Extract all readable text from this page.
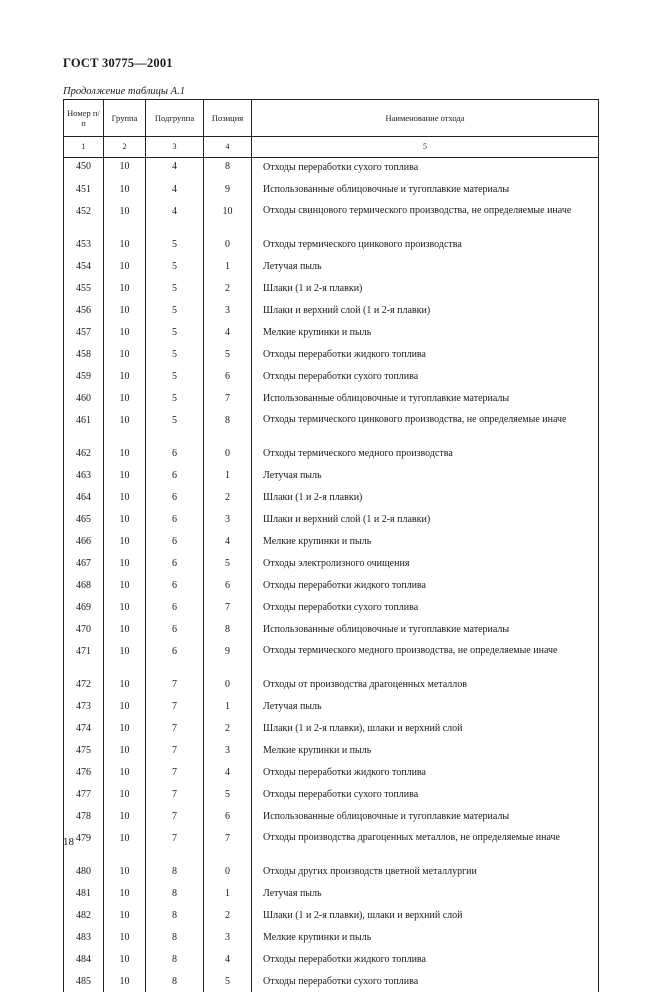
ГОСТ 30775—2001
Продолжение таблицы А.1
Номер п/п	Группа	Подгруппа	Позиция	Наименование отхода
1	2	3	4	5
450	10	4	8	Отходы переработки сухого топлива
451	10	4	9	Использованные облицовочные и тугоплавкие материалы
452	10	4	10	Отходы свинцового термического производства, не определяемые иначе
453	10	5	0	Отходы термического цинкового производства
454	10	5	1	Летучая пыль
455	10	5	2	Шлаки (1 и 2-я плавки)
456	10	5	3	Шлаки и верхний слой (1 и 2-я плавки)
457	10	5	4	Мелкие крупинки и пыль
458	10	5	5	Отходы переработки жидкого топлива
459	10	5	6	Отходы переработки сухого топлива
460	10	5	7	Использованные облицовочные и тугоплавкие материалы
461	10	5	8	Отходы термического цинкового производства, не определяемые иначе
462	10	6	0	Отходы термического медного производства
463	10	6	1	Летучая пыль
464	10	6	2	Шлаки (1 и 2-я плавки)
465	10	6	3	Шлаки и верхний слой (1 и 2-я плавки)
466	10	6	4	Мелкие крупинки и пыль
467	10	6	5	Отходы электролизного очищения
468	10	6	6	Отходы переработки жидкого топлива
469	10	6	7	Отходы переработки сухого топлива
470	10	6	8	Использованные облицовочные и тугоплавкие материалы
471	10	6	9	Отходы термического медного производства, не определяемые иначе
472	10	7	0	Отходы от производства драгоценных металлов
473	10	7	1	Летучая пыль
474	10	7	2	Шлаки (1 и 2-я плавки), шлаки и верхний слой
475	10	7	3	Мелкие крупинки и пыль
476	10	7	4	Отходы переработки жидкого топлива
477	10	7	5	Отходы переработки сухого топлива
478	10	7	6	Использованные облицовочные и тугоплавкие материалы
479	10	7	7	Отходы производства драгоценных металлов, не определяемые иначе
480	10	8	0	Отходы других производств цветной металлургии
481	10	8	1	Летучая пыль
482	10	8	2	Шлаки (1 и 2-я плавки), шлаки и верхний слой
483	10	8	3	Мелкие крупинки и пыль
484	10	8	4	Отходы переработки жидкого топлива
485	10	8	5	Отходы переработки сухого топлива
18
